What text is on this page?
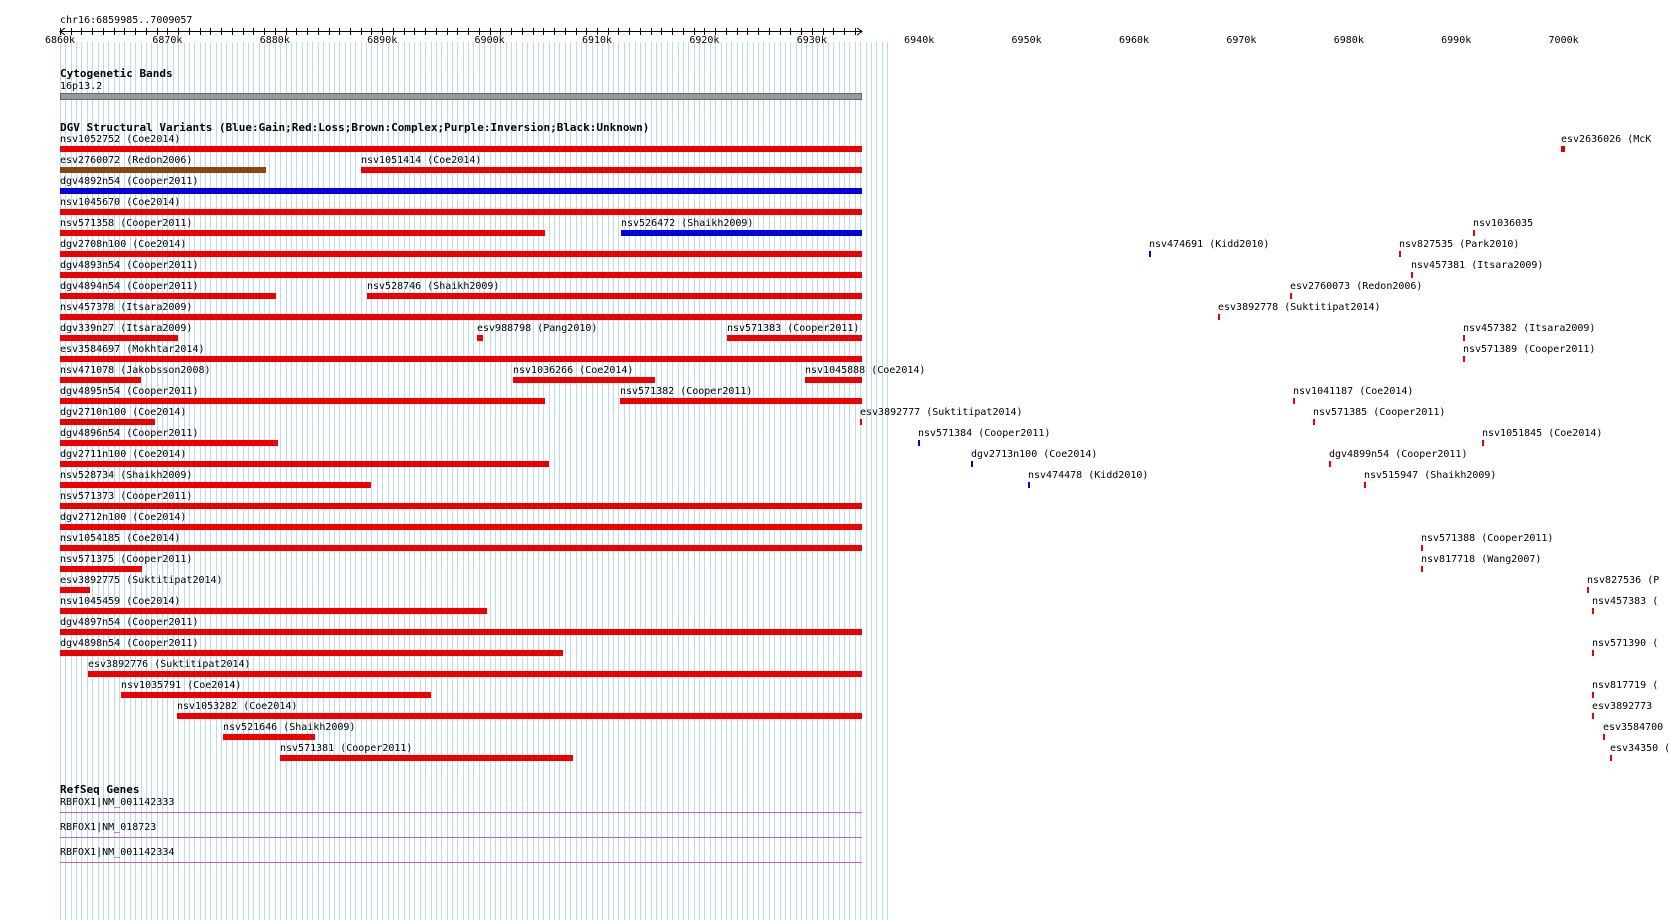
chr16:6859985..7009057
6860k	6870k	6880k	6890k	6900k	6910k	6920k	6930k	6940k	6950k	6960k	6970k	6980k	6990k	7000k
Cytogenetic Bands
16p13.2
DGV Structural Variants (Blue:Gain;Red:Loss;Brown:Complex;Purple:Inversion;Black:Unknown)
nsv1052752 (Coe2014)	esv2636026 (McK
esv2760072 (Redon2006)	nsv1051414 (Coe2014)
dgv4892n54 (Cooper2011)
nsv1045670 (Coe2014)
nsv571358 (Cooper2011)	nsv526472 (Shaikh2009)	nsv1036035
dgv2708n100 (Coe2014)	nsv474691 (Kidd2010)	nsv827535 (Park2010)
dgv4893n54 (Cooper2011)	nsv457381 (Itsara2009)
dgv4894n54 (Cooper2011)	nsv528746 (Shaikh2009)	esv2760073 (Redon2006)
nsv457378 (Itsara2009)	esv3892778 (Suktitipat2014)
dgv339n27 (Itsara2009)	esv988798 (Pang2010)	nsv571383 (Cooper2011)	nsv457382 (Itsara2009)
esv3584697 (Mokhtar2014)	nsv571389 (Cooper2011)
nsv471078 (Jakobsson2008)	nsv1036266 (Coe2014)	nsv1045888 (Coe2014)
dgv4895n54 (Cooper2011)	nsv571382 (Cooper2011)	nsv1041187 (Coe2014)
dgv2710n100 (Coe2014)	esv3892777 (Suktitipat2014)	nsv571385 (Cooper2011)
dgv4896n54 (Cooper2011)	nsv571384 (Cooper2011)	nsv1051845 (Coe2014)
dgv2711n100 (Coe2014)	dgv2713n100 (Coe2014)	dgv4899n54 (Cooper2011)
nsv528734 (Shaikh2009)	nsv474478 (Kidd2010)	nsv515947 (Shaikh2009)
nsv571373 (Cooper2011)
dgv2712n100 (Coe2014)
nsv1054185 (Coe2014)	nsv571388 (Cooper2011)
nsv571375 (Cooper2011)	nsv817718 (Wang2007)
esv3892775 (Suktitipat2014)	nsv827536 (P
nsv1045459 (Coe2014)	nsv457383 (
dgv4897n54 (Cooper2011)
dgv4898n54 (Cooper2011)	nsv571390 (
esv3892776 (Suktitipat2014)
nsv1035791 (Coe2014)	nsv817719 (
nsv1053282 (Coe2014)	esv3892773
nsv521646 (Shaikh2009)	esv3584700
nsv571381 (Cooper2011)	esv34350 (
RefSeq Genes
RBFOX1|NM_001142333
RBFOX1|NM_018723
RBFOX1|NM_001142334
